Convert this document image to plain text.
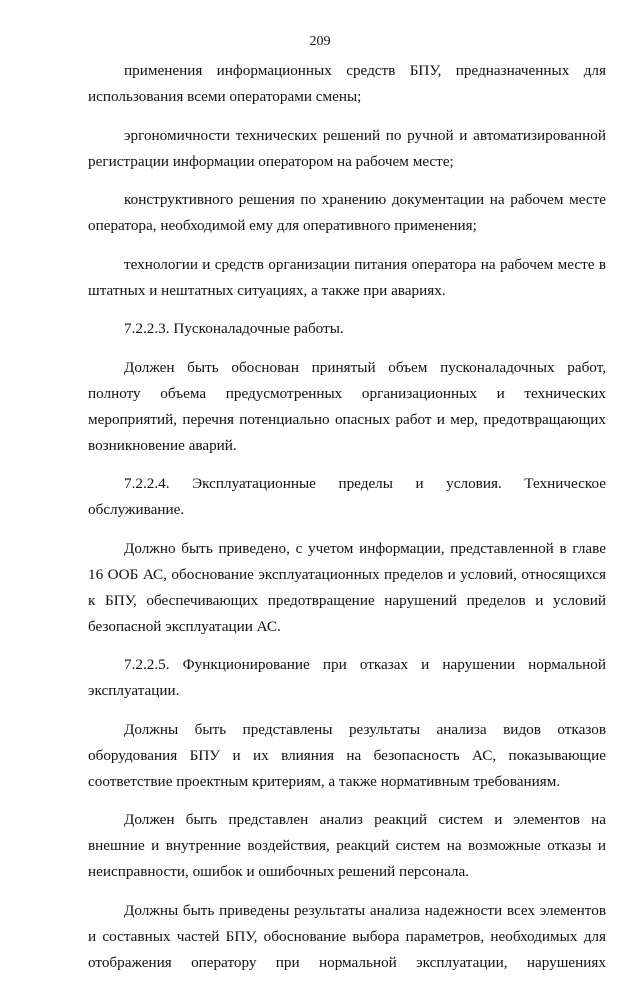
209

применения информационных средств БПУ, предназначенных для использования всеми операторами смены;

эргономичности технических решений по ручной и автоматизированной регистрации информации оператором на рабочем месте;

конструктивного решения по хранению документации на рабочем месте оператора, необходимой ему для оперативного применения;

технологии и средств организации питания оператора на рабочем месте в штатных и нештатных ситуациях, а также при авариях.

7.2.2.3. Пусконаладочные работы.

Должен быть обоснован принятый объем пусконаладочных работ, полноту объема предусмотренных организационных и технических мероприятий, перечня потенциально опасных работ и мер, предотвращающих возникновение аварий.

7.2.2.4. Эксплуатационные пределы и условия. Техническое обслуживание.

Должно быть приведено, с учетом информации, представленной в главе 16 ООБ АС, обоснование эксплуатационных пределов и условий, относящихся к БПУ, обеспечивающих предотвращение нарушений пределов и условий безопасной эксплуатации АС.

7.2.2.5. Функционирование при отказах и нарушении нормальной эксплуатации.

Должны быть представлены результаты анализа видов отказов оборудования БПУ и их влияния на безопасность АС, показывающие соответствие проектным критериям, а также нормативным требованиям.

Должен быть представлен анализ реакций систем и элементов на внешние и внутренние воздействия, реакций систем на возможные отказы и неисправности, ошибок и ошибочных решений персонала.

Должны быть приведены результаты анализа надежности всех элементов и составных частей БПУ, обоснование выбора параметров, необходимых для отображения оператору при нормальной эксплуатации, нарушениях
